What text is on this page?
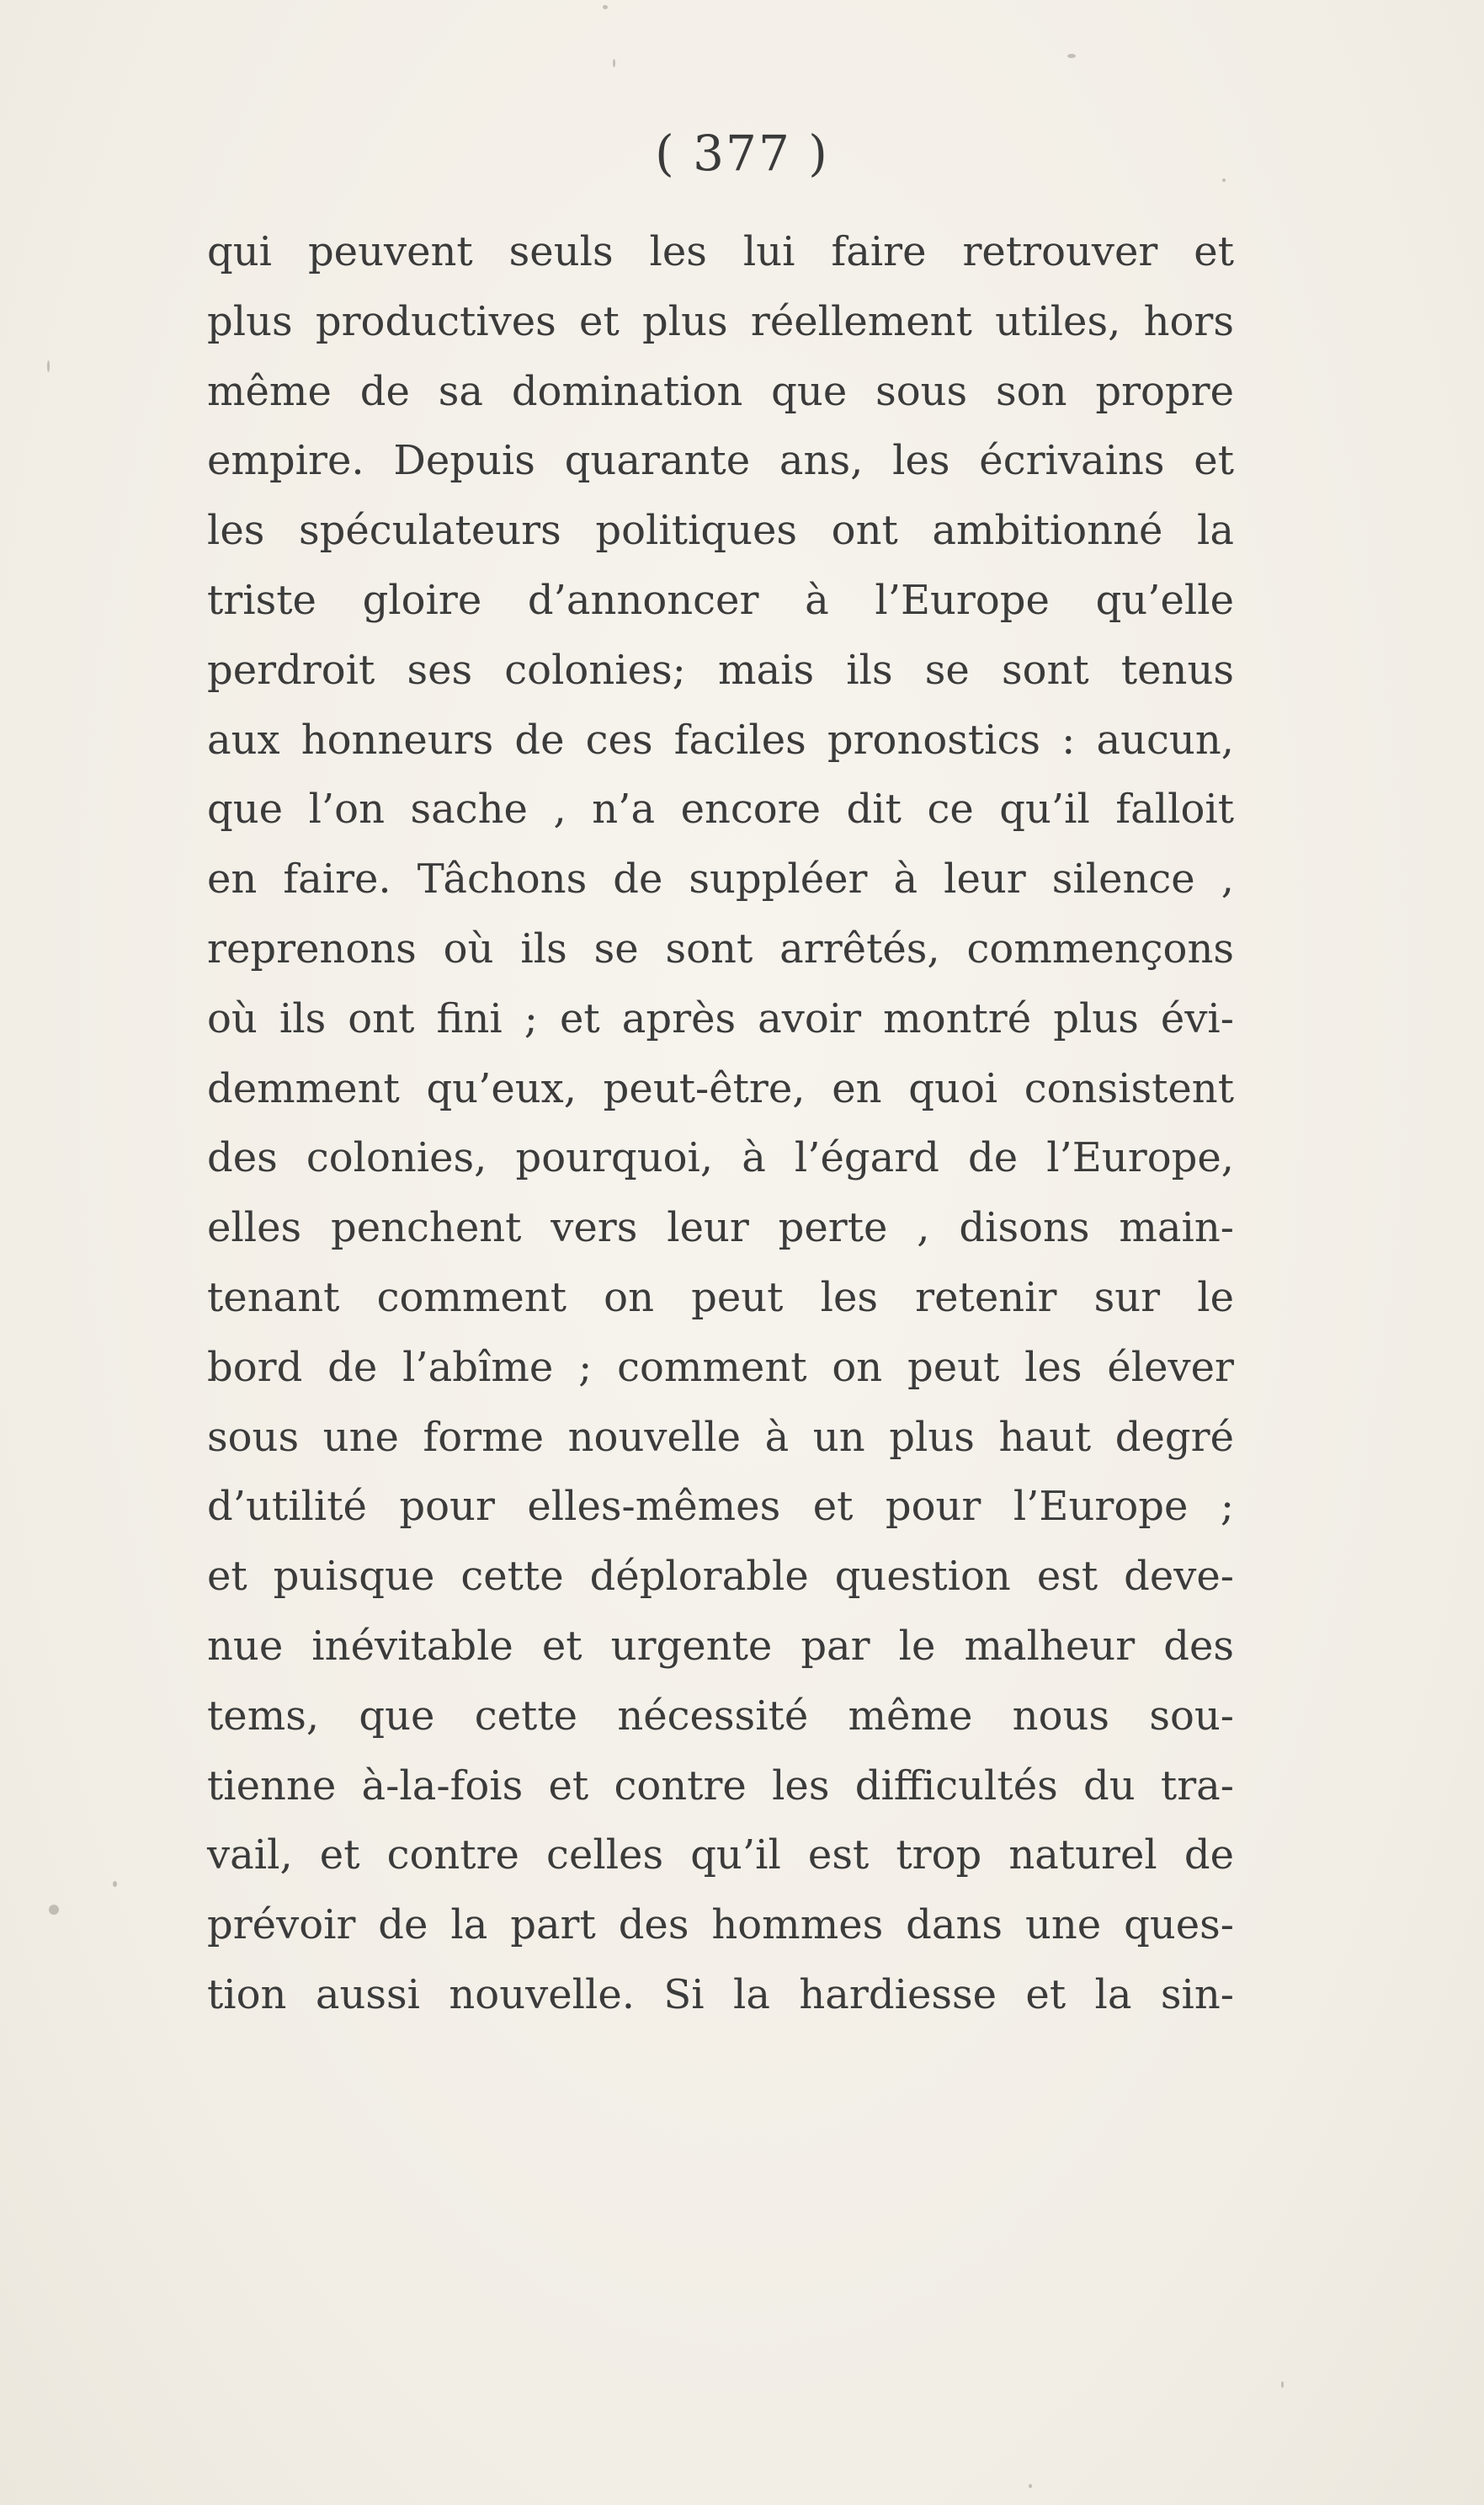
( 377 )
qui peuvent seuls les lui faire retrouver et
plus productives et plus réellement utiles, hors
même de sa domination que sous son propre
empire. Depuis quarante ans, les écrivains et
les spéculateurs politiques ont ambitionné la
triste gloire d’annoncer à l’Europe qu’elle
perdroit ses colonies; mais ils se sont tenus
aux honneurs de ces faciles pronostics : aucun,
que l’on sache , n’a encore dit ce qu’il falloit
en faire. Tâchons de suppléer à leur silence ,
reprenons où ils se sont arrêtés, commençons
où ils ont fini ; et après avoir montré plus évi-
demment qu’eux, peut-être, en quoi consistent
des colonies, pourquoi, à l’égard de l’Europe,
elles penchent vers leur perte , disons main-
tenant comment on peut les retenir sur le
bord de l’abîme ; comment on peut les élever
sous une forme nouvelle à un plus haut degré
d’utilité pour elles-mêmes et pour l’Europe ;
et puisque cette déplorable question est deve-
nue inévitable et urgente par le malheur des
tems, que cette nécessité même nous sou-
tienne à-la-fois et contre les difficultés du tra-
vail, et contre celles qu’il est trop naturel de
prévoir de la part des hommes dans une ques-
tion aussi nouvelle. Si la hardiesse et la sin-
